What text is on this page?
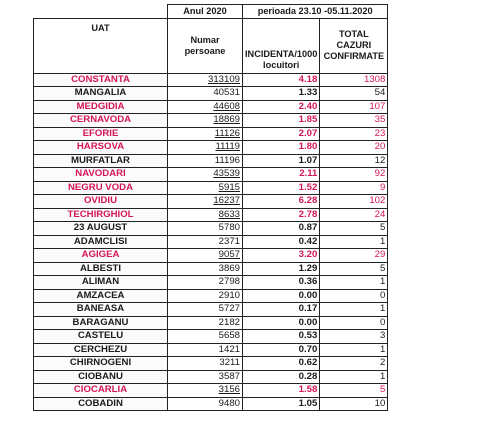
	Anul 2020	perioada 23.10 -05.11.2020	
UAT	Numar persoane	INCIDENTA/1000 locuitori	TOTAL CAZURI CONFIRMATE
CONSTANTA	313109	4.18	1308
MANGALIA	40531	1.33	54
MEDGIDIA	44608	2.40	107
CERNAVODA	18869	1.85	35
EFORIE	11126	2.07	23
HARSOVA	11119	1.80	20
MURFATLAR	11196	1.07	12
NAVODARI	43539	2.11	92
NEGRU VODA	5915	1.52	9
OVIDIU	16237	6.28	102
TECHIRGHIOL	8633	2.78	24
23 AUGUST	5780	0.87	5
ADAMCLISI	2371	0.42	1
AGIGEA	9057	3.20	29
ALBESTI	3869	1.29	5
ALIMAN	2798	0.36	1
AMZACEA	2910	0.00	0
BANEASA	5727	0.17	1
BARAGANU	2182	0.00	0
CASTELU	5658	0.53	3
CERCHEZU	1421	0.70	1
CHIRNOGENI	3211	0.62	2
CIOBANU	3587	0.28	1
CIOCARLIA	3156	1.58	5
COBADIN	9480	1.05	10
